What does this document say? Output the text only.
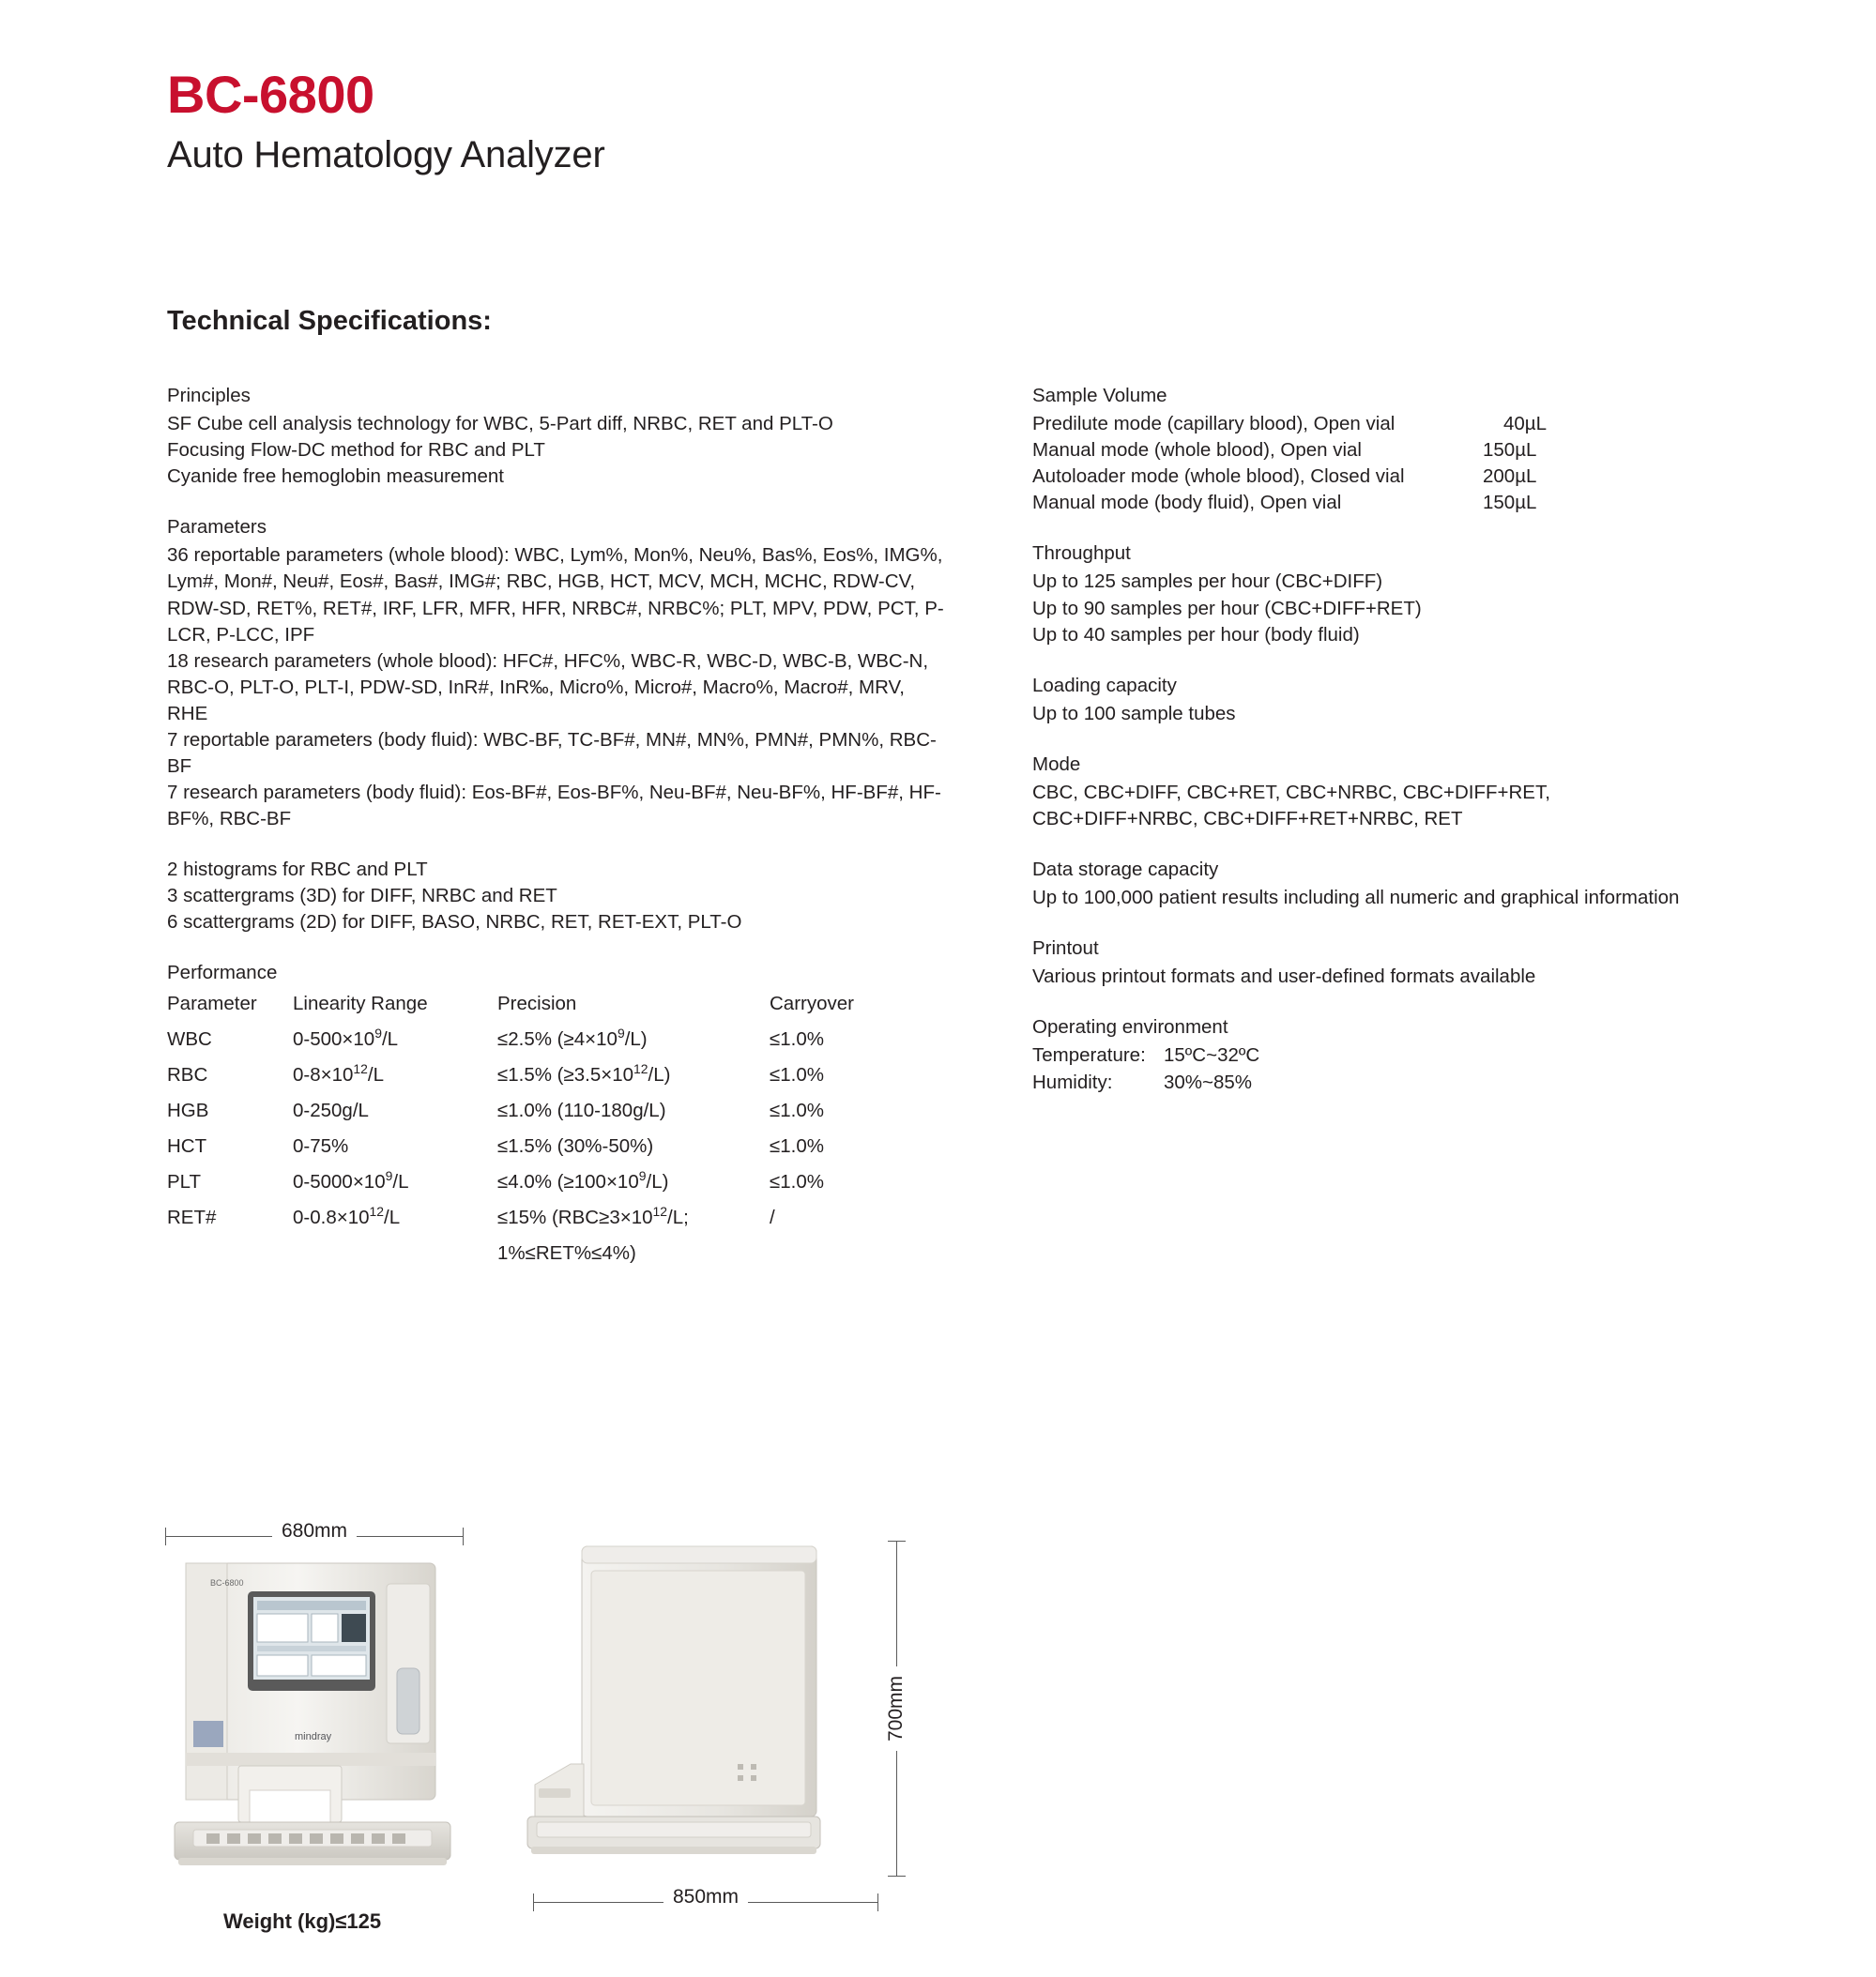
BC-6800
Auto Hematology Analyzer
Technical Specifications:
Principles
SF Cube cell analysis technology for WBC, 5-Part diff, NRBC, RET and PLT-O
Focusing Flow-DC method for RBC and PLT
Cyanide free hemoglobin measurement
Parameters
36 reportable parameters (whole blood): WBC, Lym%, Mon%, Neu%, Bas%, Eos%, IMG%, Lym#, Mon#, Neu#, Eos#, Bas#, IMG#; RBC, HGB, HCT, MCV, MCH, MCHC, RDW-CV, RDW-SD, RET%, RET#, IRF, LFR, MFR, HFR, NRBC#, NRBC%; PLT, MPV, PDW, PCT, P-LCR, P-LCC, IPF
18 research parameters (whole blood): HFC#, HFC%, WBC-R, WBC-D, WBC-B, WBC-N, RBC-O, PLT-O, PLT-I, PDW-SD, InR#, InR‰, Micro%, Micro#, Macro%, Macro#, MRV, RHE
7 reportable parameters (body fluid): WBC-BF, TC-BF#, MN#, MN%, PMN#, PMN%, RBC-BF
7 research parameters (body fluid): Eos-BF#, Eos-BF%, Neu-BF#, Neu-BF%, HF-BF#, HF-BF%, RBC-BF
2 histograms for RBC and PLT
3 scattergrams (3D) for DIFF, NRBC and RET
6 scattergrams (2D) for DIFF, BASO, NRBC, RET, RET-EXT, PLT-O
Performance
Parameter	Linearity Range	Precision	Carryover
WBC	$0-500\times 10^9/L$	≤2.5% $(\ge 4\times 10^9/L)$	≤1.0%
RBC	$0-8\times 10^{12}/L$	≤1.5% $(\ge 3.5\times 10^{12}/L)$	≤1.0%
HGB	0-250g/L	≤1.0% (110-180g/L)	≤1.0%
HCT	0-75%	≤1.5% (30%-50%)	≤1.0%
PLT	$0-5000\times 10^9/L$	≤4.0% $(\ge 100\times 10^9/L)$	≤1.0%
RET#	$0-0.8\times 10^{12}/L$	≤15% ($RBC\ge 3\times 10^{12}/L$;	/
		1%≤RET%≤4%)	
Sample Volume
Predilute mode (capillary blood), Open vial	40µL
Manual mode (whole blood), Open vial	150µL
Autoloader mode (whole blood), Closed vial	200µL
Manual mode (body fluid), Open vial	150µL
Throughput
Up to 125 samples per hour (CBC+DIFF)
Up to 90 samples per hour (CBC+DIFF+RET)
Up to 40 samples per hour (body fluid)
Loading capacity
Up to 100 sample tubes
Mode
CBC, CBC+DIFF, CBC+RET, CBC+NRBC, CBC+DIFF+RET,
CBC+DIFF+NRBC, CBC+DIFF+RET+NRBC, RET
Data storage capacity
Up to 100,000 patient results including all numeric and graphical information
Printout
Various printout formats and user-defined formats available
Operating environment
Temperature: 15ºC~32ºC
Humidity:	30%~85%
680mm
BC-6800
mindray
Weight (kg)≤125
700mm
850mm
